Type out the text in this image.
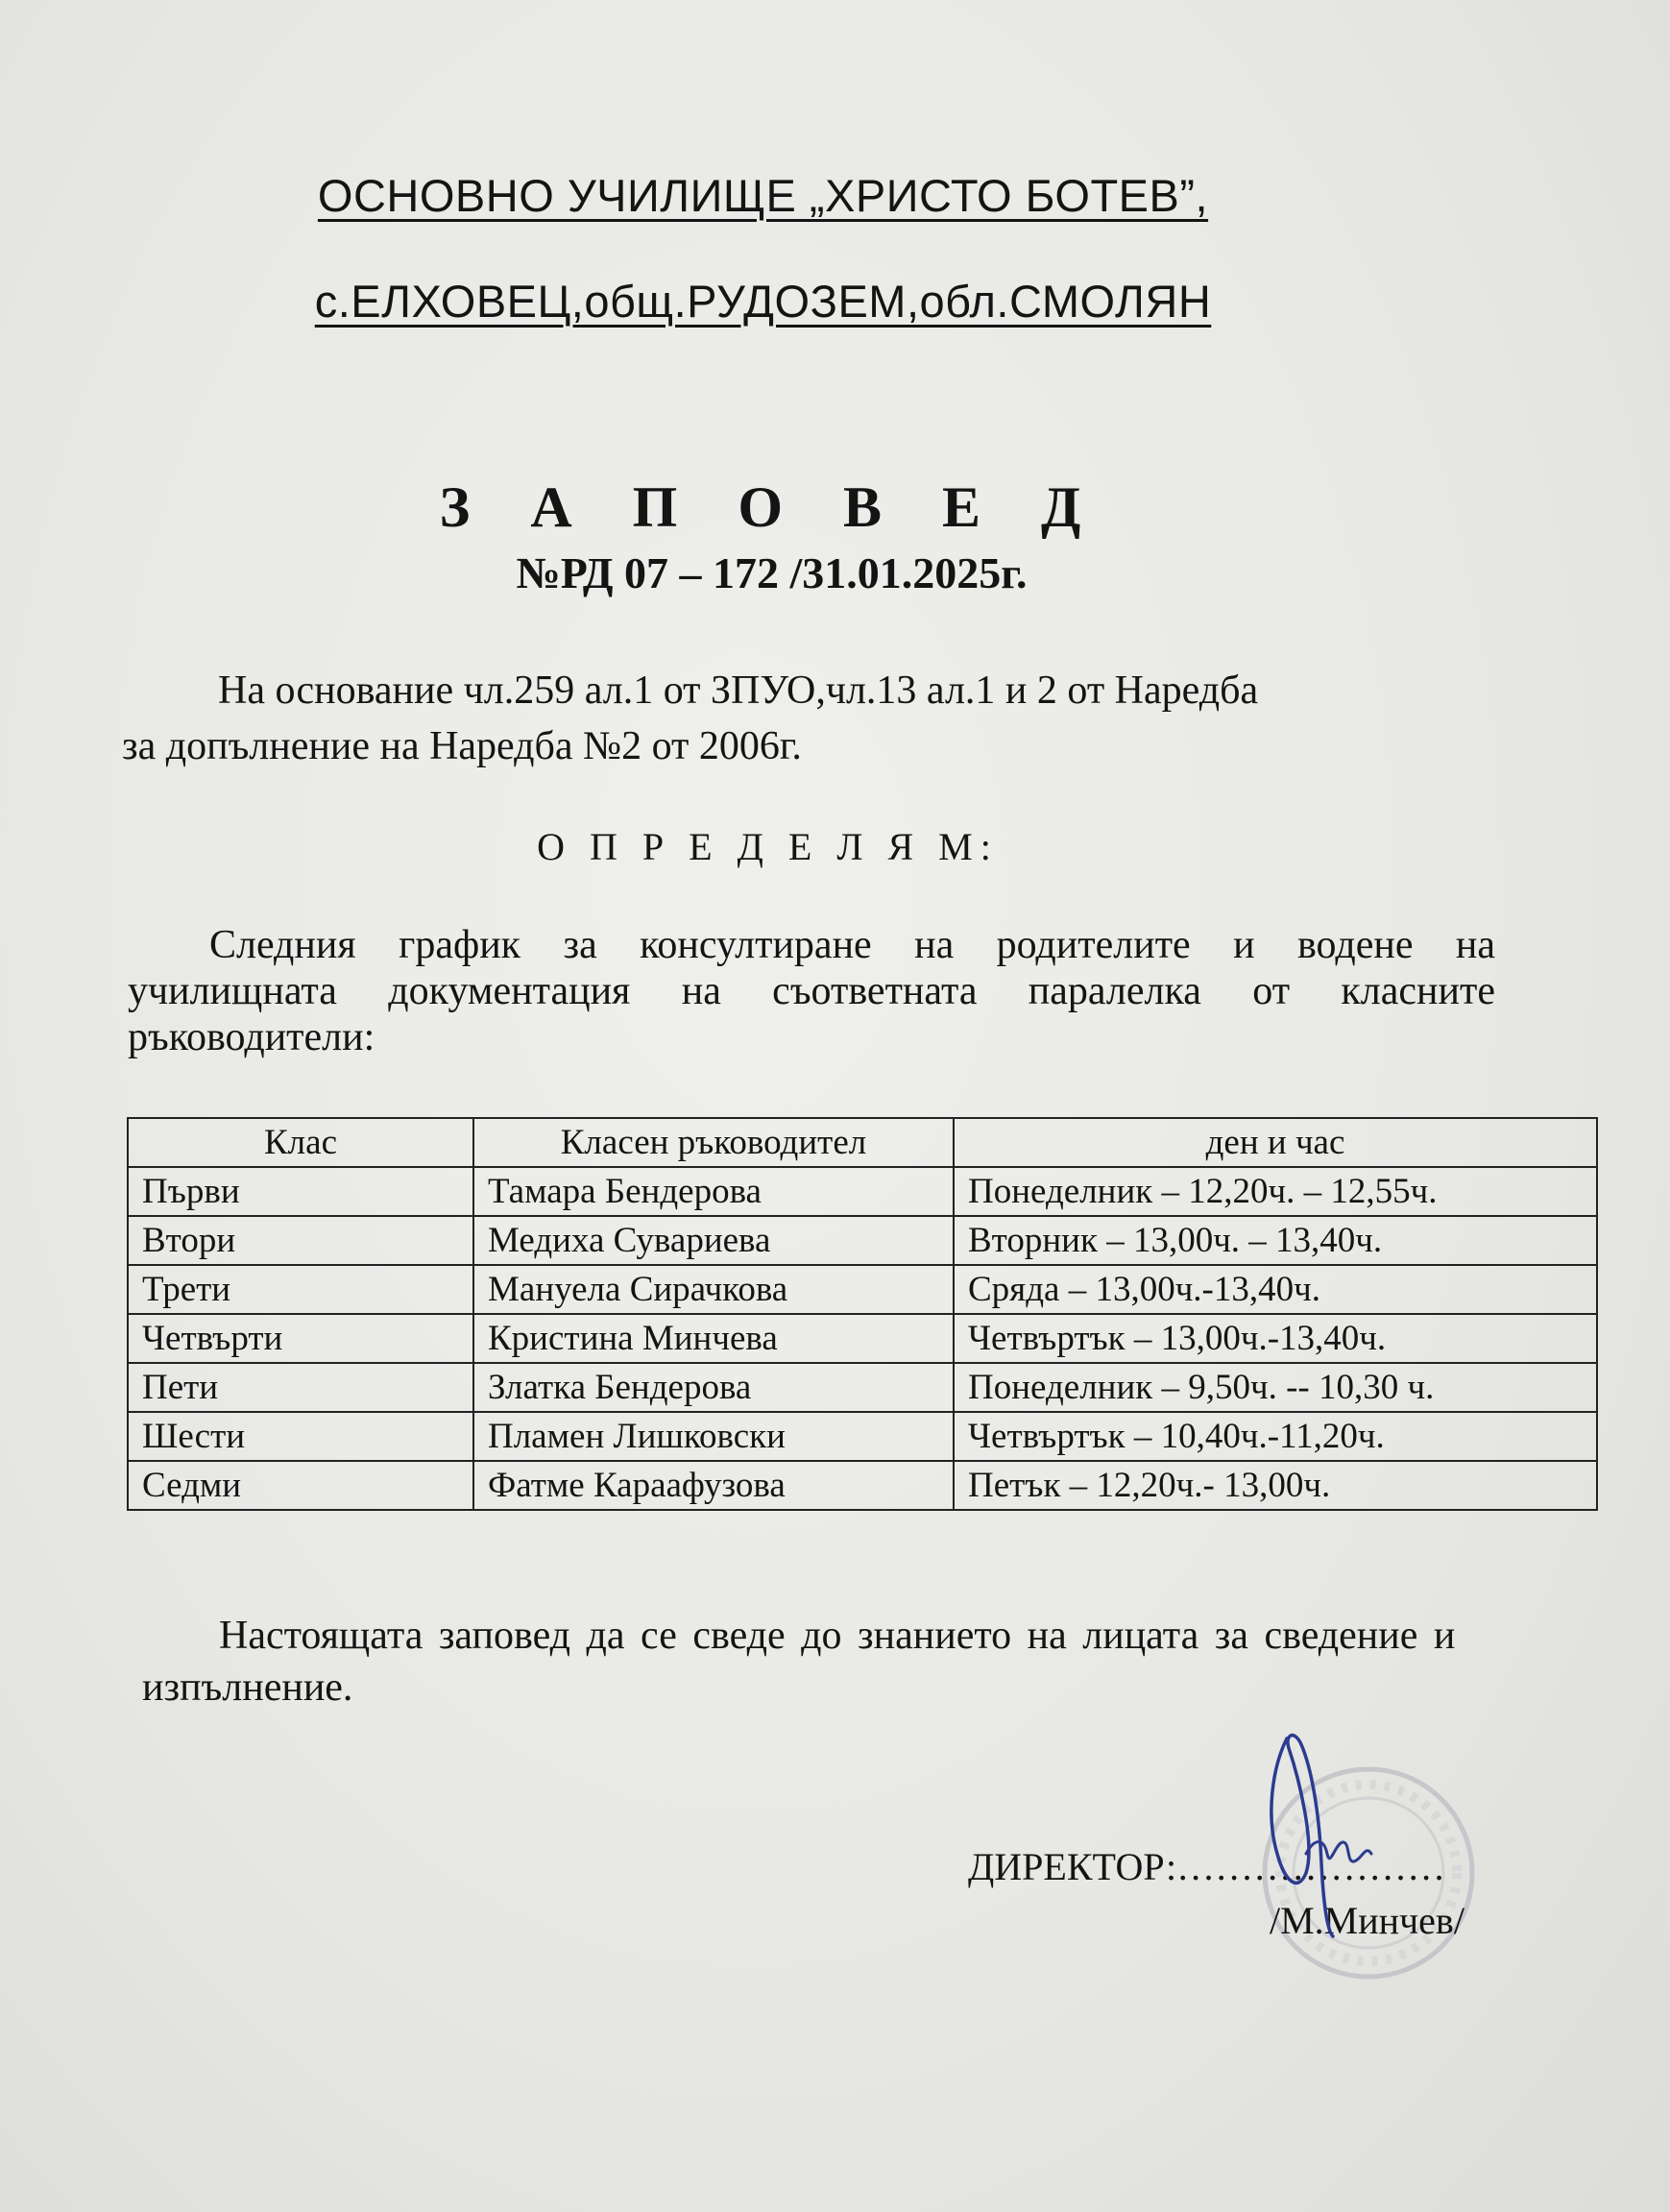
ОСНОВНО УЧИЛИЩЕ „ХРИСТО БОТЕВ”,
с.ЕЛХОВЕЦ,общ.РУДОЗЕМ,обл.СМОЛЯН
З А П О В Е Д
№РД 07 – 172 /31.01.2025г.
На основание чл.259 ал.1 от ЗПУО,чл.13 ал.1 и 2 от Наредба
за допълнение на Наредба №2 от 2006г.
О П Р Е Д Е Л Я М:
Следния график за консултиране на родителите и водене на училищната документация на съответната паралелка от класните ръководители:
Клас	Класен ръководител	ден и час
Първи	Тамара Бендерова	Понеделник – 12,20ч. – 12,55ч.
Втори	Медиха Сувариева	Вторник – 13,00ч. – 13,40ч.
Трети	Мануела Сирачкова	Сряда – 13,00ч.-13,40ч.
Четвърти	Кристина Минчева	Четвъртък – 13,00ч.-13,40ч.
Пети	Златка Бендерова	Понеделник – 9,50ч. -- 10,30 ч.
Шести	Пламен Лишковски	Четвъртък – 10,40ч.-11,20ч.
Седми	Фатме Караафузова	Петък – 12,20ч.- 13,00ч.
Настоящата заповед да се сведе до знанието на лицата за сведение и
изпълнение.
ДИРЕКТОР:…………………
/М.Минчев/
